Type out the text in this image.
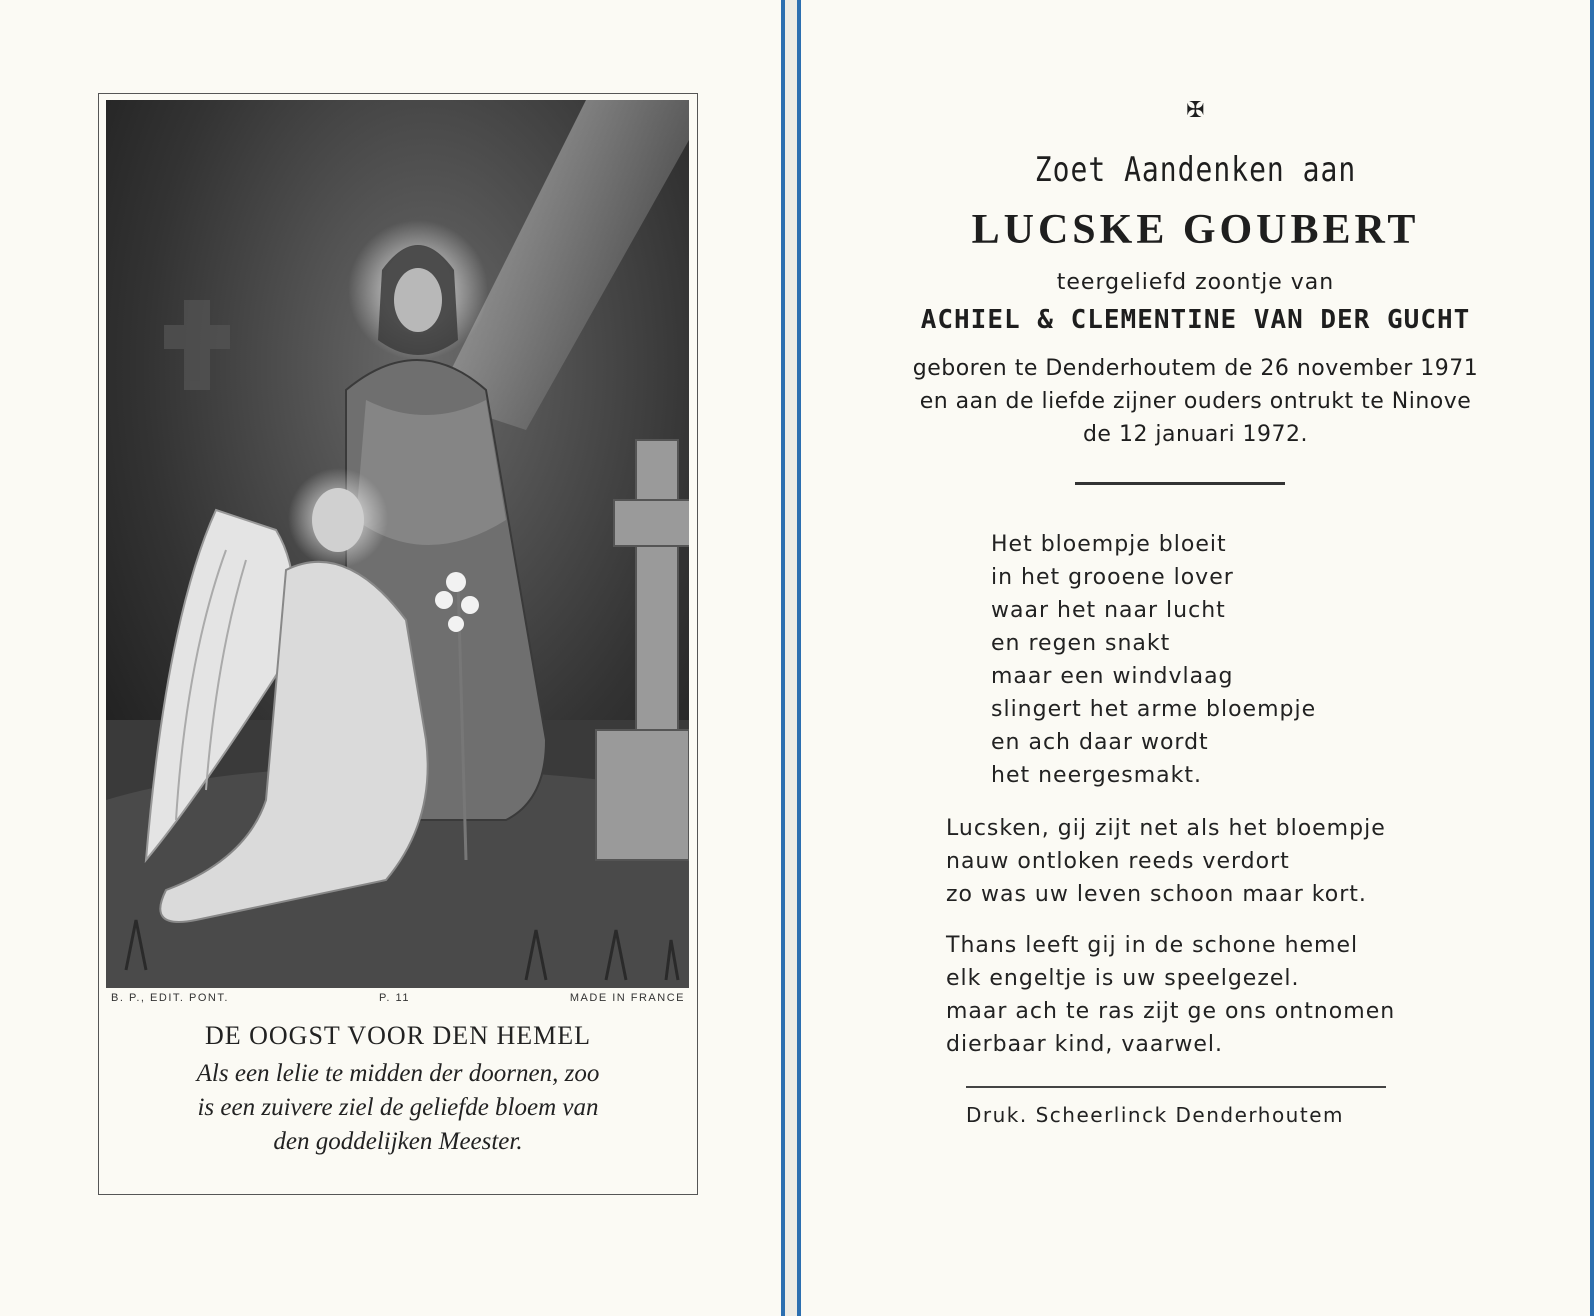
B. P., EDIT. PONT.	P. 11	MADE IN FRANCE
DE OOGST VOOR DEN HEMEL
Als een lelie te midden der doornen, zoo
is een zuivere ziel de geliefde bloem van
den goddelijken Meester.
✠
Zoet Aandenken aan
LUCSKE GOUBERT
teergeliefd zoontje van
ACHIEL & CLEMENTINE VAN DER GUCHT
geboren te Denderhoutem de 26 november 1971
en aan de liefde zijner ouders ontrukt te Ninove
de 12 januari 1972.
Het bloempje bloeit
in het grooene lover
waar het naar lucht
en regen snakt
maar een windvlaag
slingert het arme bloempje
en ach daar wordt
het neergesmakt.
Lucsken, gij zijt net als het bloempje
nauw ontloken reeds verdort
zo was uw leven schoon maar kort.
Thans leeft gij in de schone hemel
elk engeltje is uw speelgezel.
maar ach te ras zijt ge ons ontnomen
dierbaar kind, vaarwel.
Druk. Scheerlinck Denderhoutem
